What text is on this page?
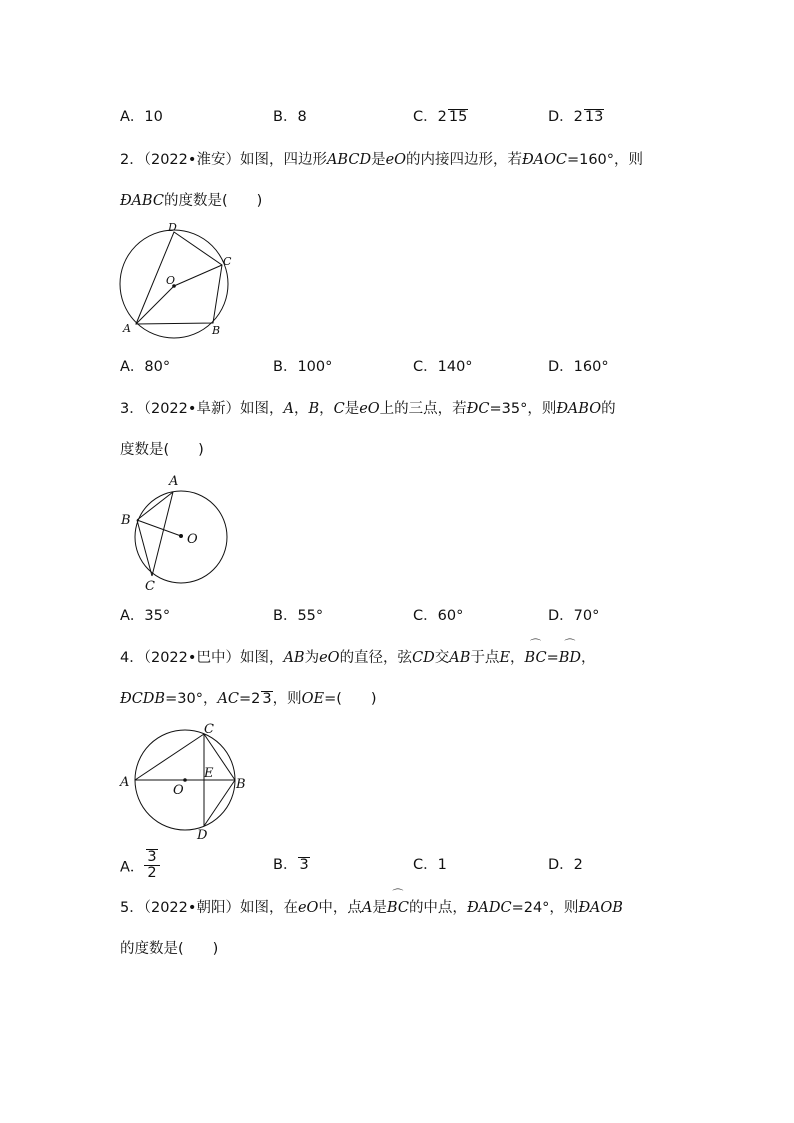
A．10	B．8	C．2 15	D．2 13
2．（2022•淮安）如图，四边形ABCD是eO的内接四边形，若ÐAOC=160°，则
ÐABC的度数是(　　)
D
C
O
A	B
A．80°	B．100°	C．140°	D．160°
3．（2022•阜新）如图，A，B，C是eO上的三点，若ÐC=35°，则ÐABO的
度数是(　　)
A
B
O
C
A．35°	B．55°	C．60°	D．70°
4．（2022•巴中）如图，AB为eO的直径，弦CD交AB于点E，⌒ BC=⌒ BD，
ÐCDB=30°，AC=2 3，则OE=(　　)
C
A
E
B
O
D
A． $\frac{3}{2}$	B． 3	C．1	D．2
5．（2022•朝阳）如图，在eO中，点A是⌒ BC的中点，ÐADC=24°，则ÐAOB
的度数是(　　)
